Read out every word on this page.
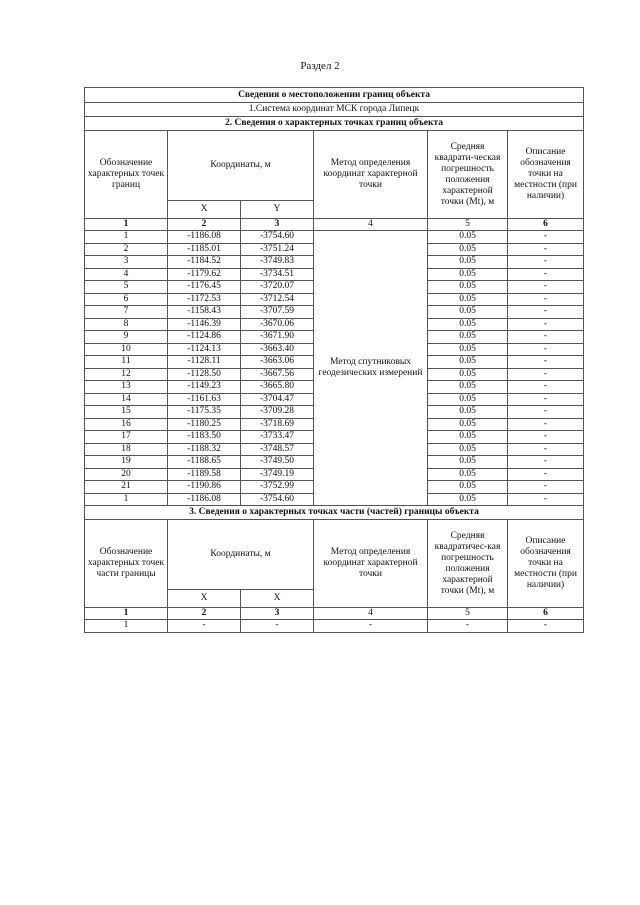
Раздел 2
Сведения о местоположении границ объекта					
1.Система координат МСК города Липецк					
2. Сведения о характерных точках границ объекта					
Обозначение характерных точек границ	Координаты, м		Метод определения координат характерной точки	Средняя квадрати-ческая погрешность положения характерной точки (Mt), м	Описание обозначения точки на местности (при наличии)
	X	Y			
1	2	3	4	5	6
1	-1186.08	-3754.60	Метод спутниковых геодезических измерений	0.05	-
2	-1185.01	-3751.24		0.05	-
3	-1184.52	-3749.83		0.05	-
4	-1179.62	-3734.51		0.05	-
5	-1176.45	-3720.07		0.05	-
6	-1172.53	-3712.54		0.05	-
7	-1158.43	-3707.59		0.05	-
8	-1146.39	-3670.06		0.05	-
9	-1124.86	-3671.90		0.05	-
10	-1124.13	-3663.40		0.05	-
11	-1128.11	-3663.06		0.05	-
12	-1128.50	-3667.56		0.05	-
13	-1149.23	-3665.80		0.05	-
14	-1161.63	-3704.47		0.05	-
15	-1175.35	-3709.28		0.05	-
16	-1180.25	-3718.69		0.05	-
17	-1183.50	-3733.47		0.05	-
18	-1188.32	-3748.57		0.05	-
19	-1188.65	-3749.50		0.05	-
20	-1189.58	-3749.19		0.05	-
21	-1190.86	-3752.99		0.05	-
1	-1186.08	-3754.60		0.05	-
3. Сведения о характерных точках части (частей) границы объекта					
Обозначение характерных точек части границы	Координаты, м		Метод определения координат характерной точки	Средняя квадратичес-кая погрешность положения характерной точки (Mt), м	Описание обозначения точки на местности (при наличии)
	X	X			
1	2	3	4	5	6
1	-	-	-	-	-
